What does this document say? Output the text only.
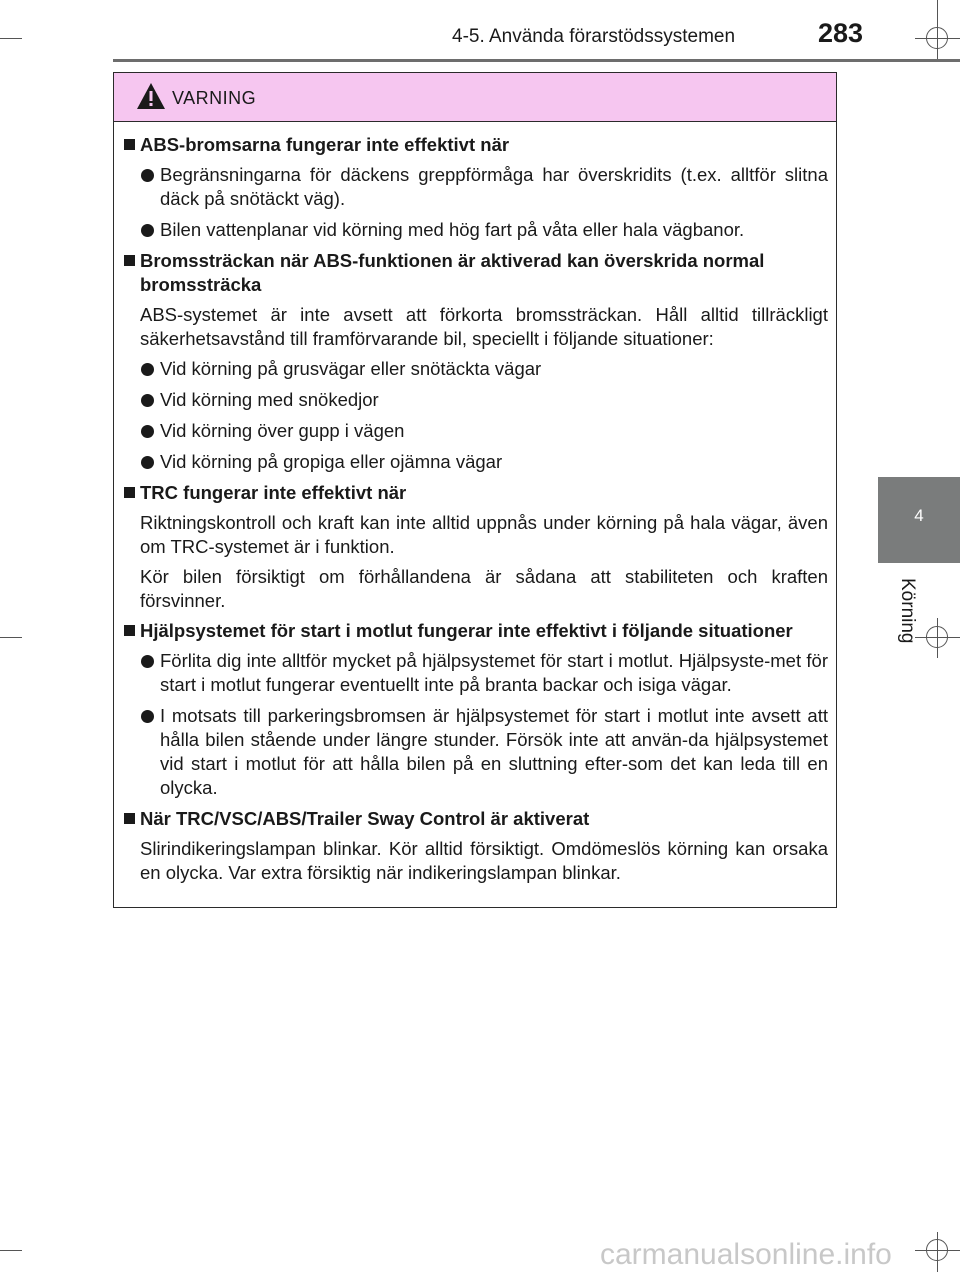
4-5. Använda förarstödssystemen	283
4
Körning
VARNING
ABS-bromsarna fungerar inte effektivt när
Begränsningarna för däckens greppförmåga har överskridits (t.ex. alltför slitna däck på snötäckt väg).
Bilen vattenplanar vid körning med hög fart på våta eller hala vägbanor.
Bromssträckan när ABS-funktionen är aktiverad kan överskrida normal bromssträcka
ABS-systemet är inte avsett att förkorta bromssträckan. Håll alltid tillräckligt säkerhetsavstånd till framförvarande bil, speciellt i följande situationer:
Vid körning på grusvägar eller snötäckta vägar
Vid körning med snökedjor
Vid körning över gupp i vägen
Vid körning på gropiga eller ojämna vägar
TRC fungerar inte effektivt när
Riktningskontroll och kraft kan inte alltid uppnås under körning på hala vägar, även om TRC-systemet är i funktion.
Kör bilen försiktigt om förhållandena är sådana att stabiliteten och kraften försvinner.
Hjälpsystemet för start i motlut fungerar inte effektivt i följande situationer
Förlita dig inte alltför mycket på hjälpsystemet för start i motlut. Hjälpsyste-met för start i motlut fungerar eventuellt inte på branta backar och isiga vägar.
I motsats till parkeringsbromsen är hjälpsystemet för start i motlut inte avsett att hålla bilen stående under längre stunder. Försök inte att använ-da hjälpsystemet vid start i motlut för att hålla bilen på en sluttning efter-som det kan leda till en olycka.
När TRC/VSC/ABS/Trailer Sway Control är aktiverat
Slirindikeringslampan blinkar. Kör alltid försiktigt. Omdömeslös körning kan orsaka en olycka. Var extra försiktig när indikeringslampan blinkar.
carmanualsonline.info
